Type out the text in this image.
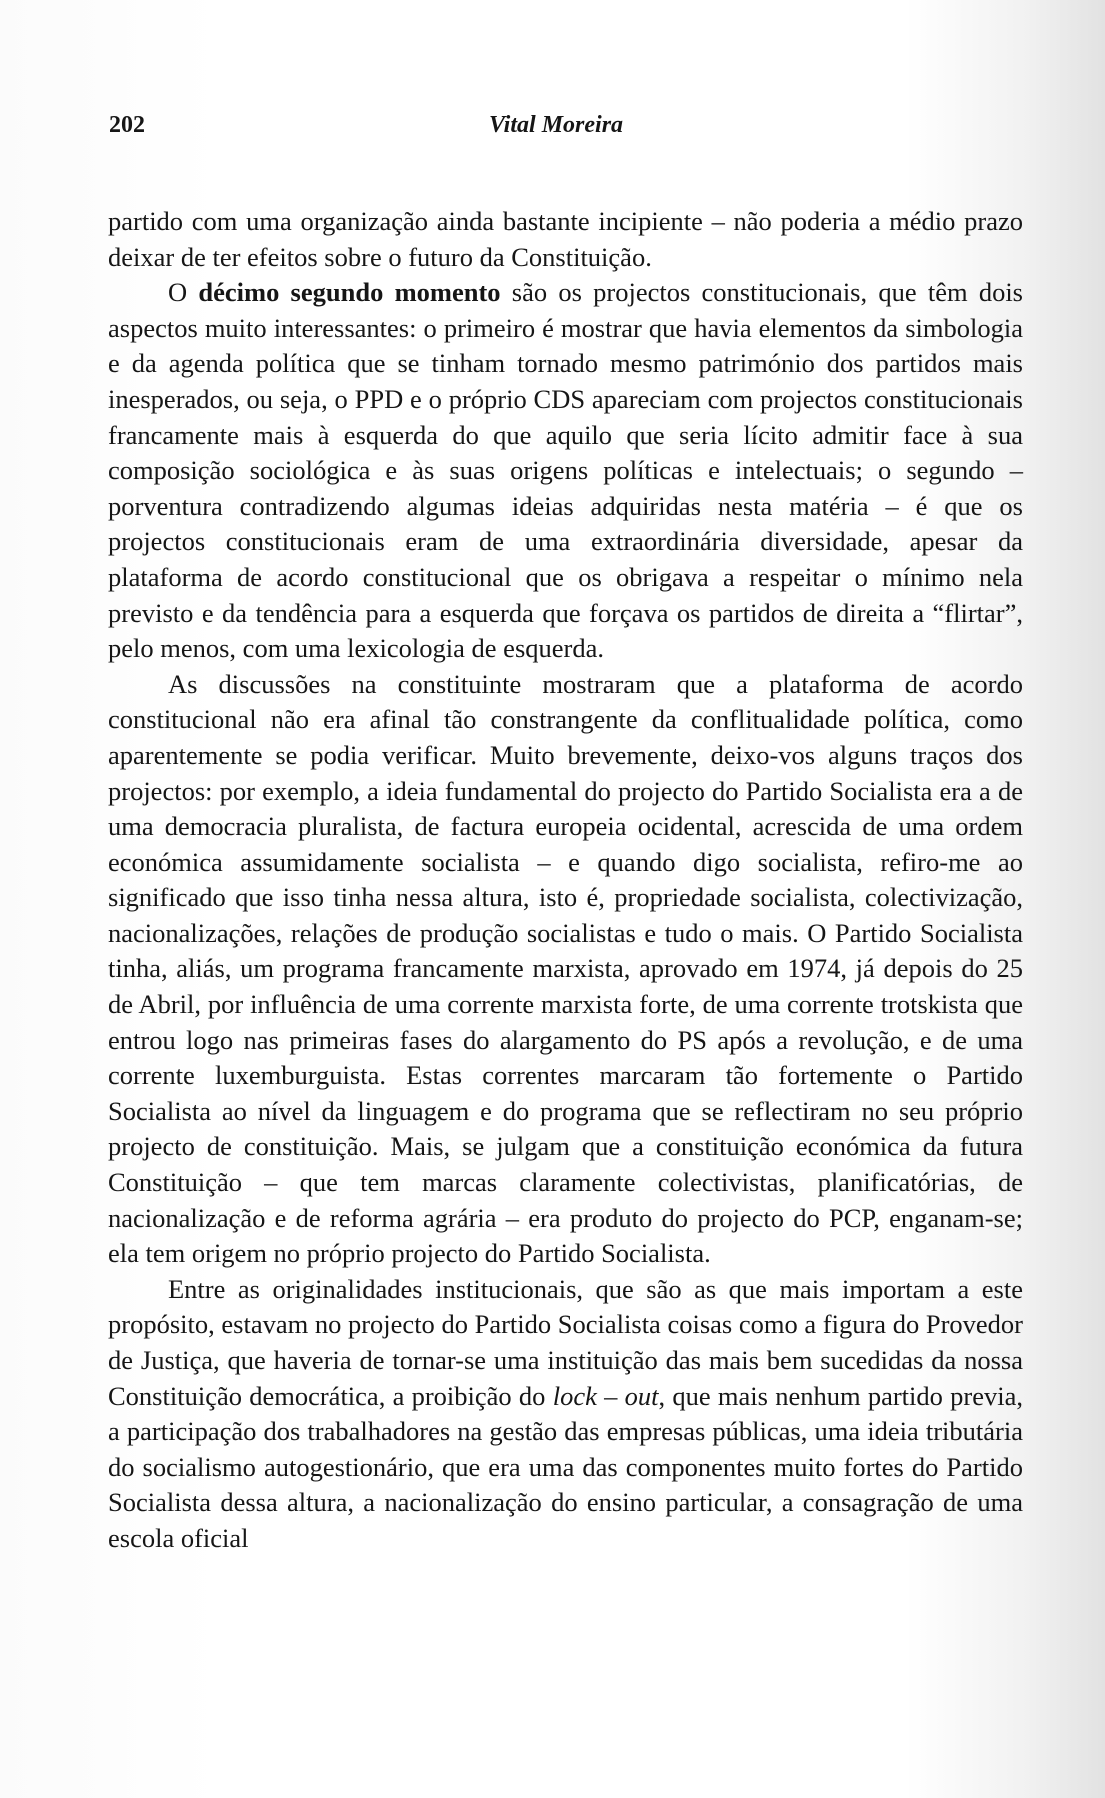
202	Vital Moreira

partido com uma organização ainda bastante incipiente – não poderia a médio prazo deixar de ter efeitos sobre o futuro da Constituição.

O décimo segundo momento são os projectos constitucionais, que têm dois aspectos muito interessantes: o primeiro é mostrar que havia elementos da simbologia e da agenda política que se tinham tornado mesmo património dos partidos mais inesperados, ou seja, o PPD e o próprio CDS apareciam com projectos constitucionais francamente mais à esquerda do que aquilo que seria lícito admitir face à sua composição sociológica e às suas origens políticas e intelectuais; o segundo – porventura contradizendo algumas ideias adquiridas nesta matéria – é que os projectos constitucionais eram de uma extraordinária diversidade, apesar da plataforma de acordo constitucional que os obrigava a respeitar o mínimo nela previsto e da tendência para a esquerda que forçava os partidos de direita a “flirtar”, pelo menos, com uma lexicologia de esquerda.

As discussões na constituinte mostraram que a plataforma de acordo constitucional não era afinal tão constrangente da conflitualidade política, como aparentemente se podia verificar. Muito brevemente, deixo-vos alguns traços dos projectos: por exemplo, a ideia fundamental do projecto do Partido Socialista era a de uma democracia pluralista, de factura europeia ocidental, acrescida de uma ordem económica assumidamente socialista – e quando digo socialista, refiro-me ao significado que isso tinha nessa altura, isto é, propriedade socialista, colectivização, nacionalizações, relações de produção socialistas e tudo o mais. O Partido Socialista tinha, aliás, um programa francamente marxista, aprovado em 1974, já depois do 25 de Abril, por influência de uma corrente marxista forte, de uma corrente trotskista que entrou logo nas primeiras fases do alargamento do PS após a revolução, e de uma corrente luxemburguista. Estas correntes marcaram tão fortemente o Partido Socialista ao nível da linguagem e do programa que se reflectiram no seu próprio projecto de constituição. Mais, se julgam que a constituição económica da futura Constituição – que tem marcas claramente colectivistas, planificatórias, de nacionalização e de reforma agrária – era produto do projecto do PCP, enganam-se; ela tem origem no próprio projecto do Partido Socialista.

Entre as originalidades institucionais, que são as que mais importam a este propósito, estavam no projecto do Partido Socialista coisas como a figura do Provedor de Justiça, que haveria de tornar-se uma instituição das mais bem sucedidas da nossa Constituição democrática, a proibição do lock – out, que mais nenhum partido previa, a participação dos trabalhadores na gestão das empresas públicas, uma ideia tributária do socialismo autogestionário, que era uma das componentes muito fortes do Partido Socialista dessa altura, a nacionalização do ensino particular, a consagração de uma escola oficial
